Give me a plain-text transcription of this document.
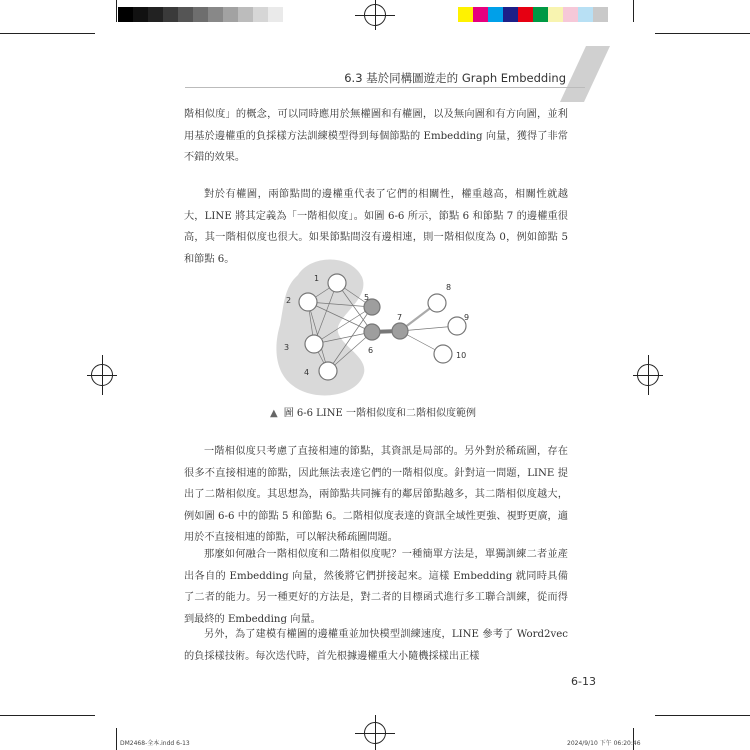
6.3 基於同構圖遊走的 Graph Embedding

階相似度」的概念，可以同時應用於無權圖和有權圖，以及無向圖和有方向圖，並利用基於邊權重的負採樣方法訓練模型得到每個節點的 Embedding 向量，獲得了非常不錯的效果。

對於有權圖，兩節點間的邊權重代表了它們的相關性，權重越高，相關性就越大，LINE 將其定義為「一階相似度」。如圖 6-6 所示，節點 6 和節點 7 的邊權重很高，其一階相似度也很大。如果節點間沒有邊相連，則一階相似度為 0，例如節點 5 和節點 6。

1
2
3
4
5
6
7
8
9
10
▲ 圖 6-6 LINE 一階相似度和二階相似度範例

一階相似度只考慮了直接相連的節點，其資訊是局部的。另外對於稀疏圖，存在很多不直接相連的節點，因此無法表達它們的一階相似度。針對這一問題，LINE 提出了二階相似度。其思想為，兩節點共同擁有的鄰居節點越多，其二階相似度越大，例如圖 6-6 中的節點 5 和節點 6。二階相似度表達的資訊全域性更強、視野更廣，適用於不直接相連的節點，可以解決稀疏圖問題。

那麼如何融合一階相似度和二階相似度呢？一種簡單方法是，單獨訓練二者並產出各自的 Embedding 向量，然後將它們拼接起來。這樣 Embedding 就同時具備了二者的能力。另一種更好的方法是，對二者的目標函式進行多工聯合訓練，從而得到最終的 Embedding 向量。

另外，為了建模有權圖的邊權重並加快模型訓練速度，LINE 參考了 Word2vec 的負採樣技術。每次迭代時，首先根據邊權重大小隨機採樣出正樣

6-13
DM2468-全本.indd 6-13	2024/9/10 下午 06:20:46
